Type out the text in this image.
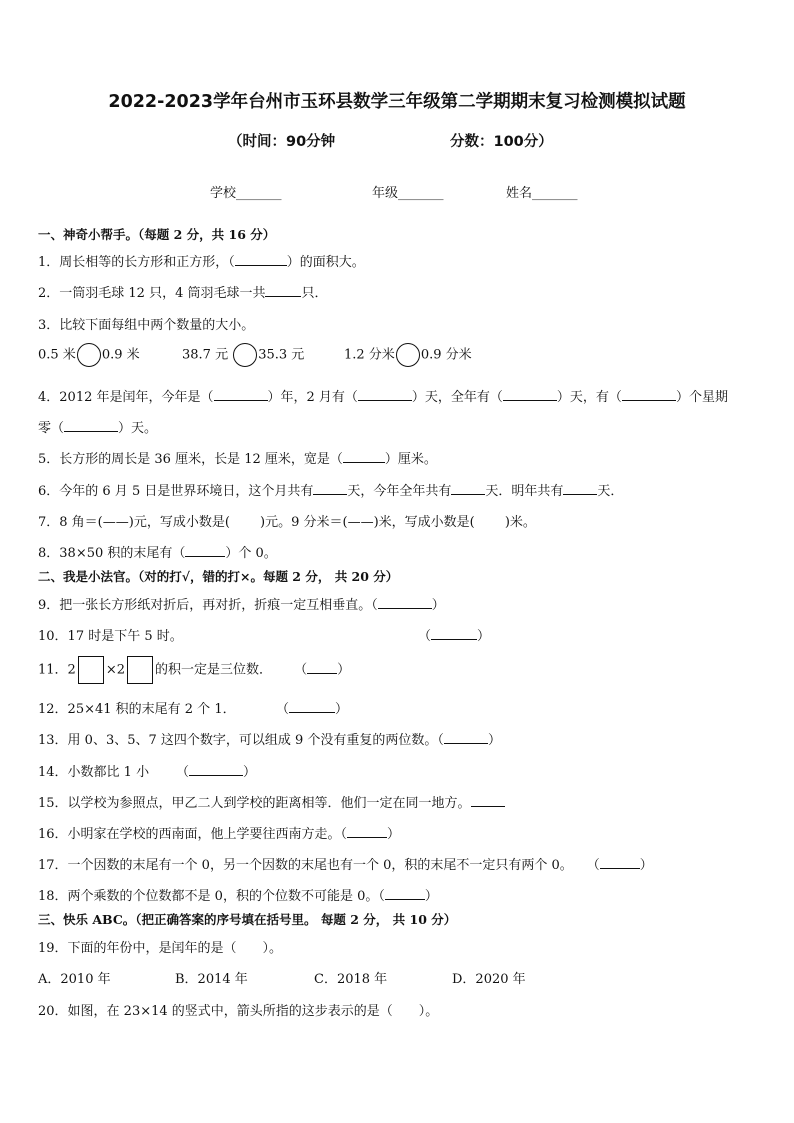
2022-2023学年台州市玉环县数学三年级第二学期期末复习检测模拟试题
（时间：90分钟	分数：100分）
学校_______	年级_______	姓名_______
一、神奇小帮手。（每题 2 分，共 16 分）
1．周长相等的长方形和正方形，（	）的面积大。
2．一筒羽毛球 12 只，4 筒羽毛球一共	只．
3．比较下面每组中两个数量的大小。
0.5 米 0.9 米	38.7 元 35.3 元	1.2 分米 0.9 分米
4．2012 年是闰年，今年是（	）年，2 月有（	）天，全年有（	）天，有（	）个星期
零（	）天。
5．长方形的周长是 36 厘米，长是 12 厘米，宽是（	）厘米。
6．今年的 6 月 5 日是世界环境日，这个月共有	天，今年全年共有	天．明年共有	天．
7．8 角＝(——)元，写成小数是(　　 )元。9 分米＝(——)米，写成小数是(　　 )米。
8．38×50 积的末尾有（	）个 0。
二、我是小法官。（对的打√，错的打×。每题 2 分， 共 20 分）
9．把一张长方形纸对折后，再对折，折痕一定互相垂直。（	）
10．17 时是下午 5 时。	（	）
11．2 ×2 的积一定是三位数． （ ）
12．25×41 积的末尾有 2 个 1．	（	）
13．用 0、3、5、7 这四个数字，可以组成 9 个没有重复的两位数。（	）
14．小数都比 1 小 （	）
15．以学校为参照点，甲乙二人到学校的距离相等．他们一定在同一地方。
16．小明家在学校的西南面，他上学要往西南方走。（	）
17．一个因数的末尾有一个 0，另一个因数的末尾也有一个 0，积的末尾不一定只有两个 0。 （	）
18．两个乘数的个位数都不是 0，积的个位数不可能是 0。（	）
三、快乐 ABC。（把正确答案的序号填在括号里。 每题 2 分， 共 10 分）
19．下面的年份中，是闰年的是（　　）。
A．2010 年	B．2014 年	C．2018 年	D．2020 年
20．如图，在 23×14 的竖式中，箭头所指的这步表示的是（　　）。
